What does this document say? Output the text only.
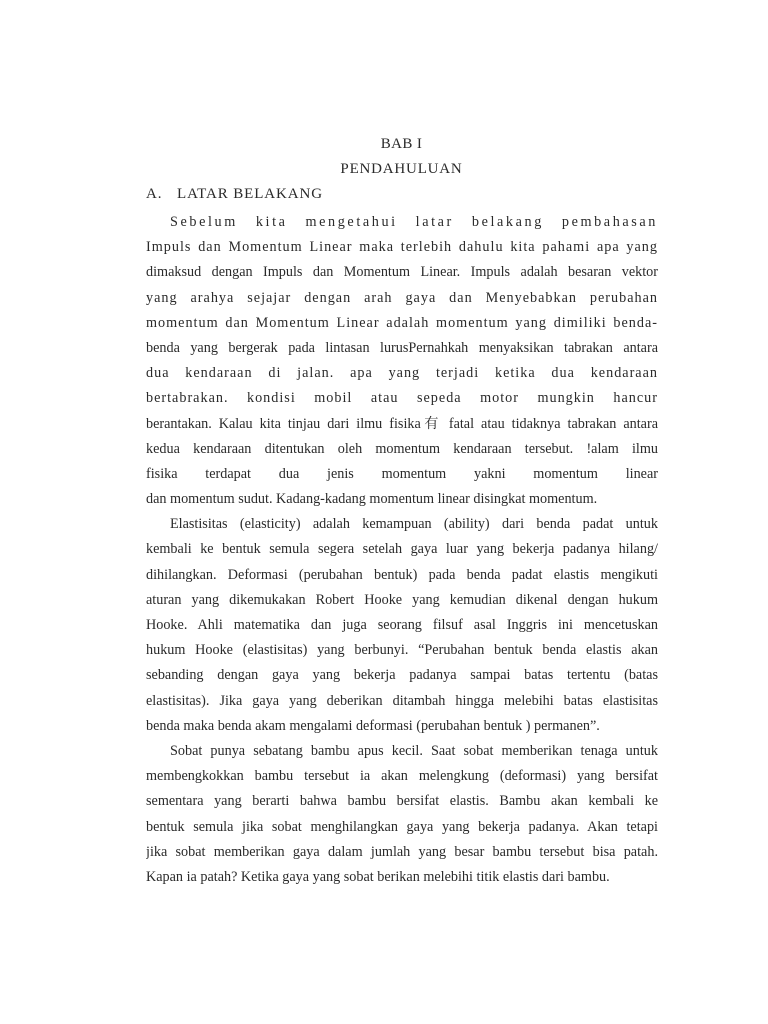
BAB I
PENDAHULUAN
A. LATAR BELAKANG
Sebelum kita mengetahui latar belakang pembahasan
Impuls dan Momentum Linear maka terlebih dahulu kita pahami apa yang
dimaksud dengan Impuls dan Momentum Linear. Impuls adalah besaran vektor
yang arahya sejajar dengan arah gaya dan Menyebabkan perubahan
momentum dan Momentum Linear adalah momentum yang dimiliki benda-
benda yang bergerak pada lintasan lurusPernahkah menyaksikan tabrakan antara
dua kendaraan di jalan. apa yang terjadi ketika dua kendaraan
bertabrakan. kondisi mobil atau sepeda motor mungkin hancur
berantakan. Kalau kita tinjau dari ilmu fisika有 fatal atau tidaknya tabrakan antara
kedua kendaraan ditentukan oleh momentum kendaraan tersebut. !alam ilmu
fisika terdapat dua jenis momentum yakni momentum linear
dan momentum sudut. Kadang-kadang momentum linear disingkat momentum.
Elastisitas (elasticity) adalah kemampuan (ability) dari benda padat untuk
kembali ke bentuk semula segera setelah gaya luar yang bekerja padanya hilang/
dihilangkan. Deformasi (perubahan bentuk) pada benda padat elastis mengikuti
aturan yang dikemukakan Robert Hooke yang kemudian dikenal dengan hukum
Hooke. Ahli matematika dan juga seorang filsuf asal Inggris ini mencetuskan
hukum Hooke (elastisitas) yang berbunyi. “Perubahan bentuk benda elastis akan
sebanding dengan gaya yang bekerja padanya sampai batas tertentu (batas
elastisitas). Jika gaya yang deberikan ditambah hingga melebihi batas elastisitas
benda maka benda akam mengalami deformasi (perubahan bentuk ) permanen”.
Sobat punya sebatang bambu apus kecil. Saat sobat memberikan tenaga untuk
membengkokkan bambu tersebut ia akan melengkung (deformasi) yang bersifat
sementara yang berarti bahwa bambu bersifat elastis. Bambu akan kembali ke
bentuk semula jika sobat menghilangkan gaya yang bekerja padanya. Akan tetapi
jika sobat memberikan gaya dalam jumlah yang besar bambu tersebut bisa patah.
Kapan ia patah? Ketika gaya yang sobat berikan melebihi titik elastis dari bambu.
